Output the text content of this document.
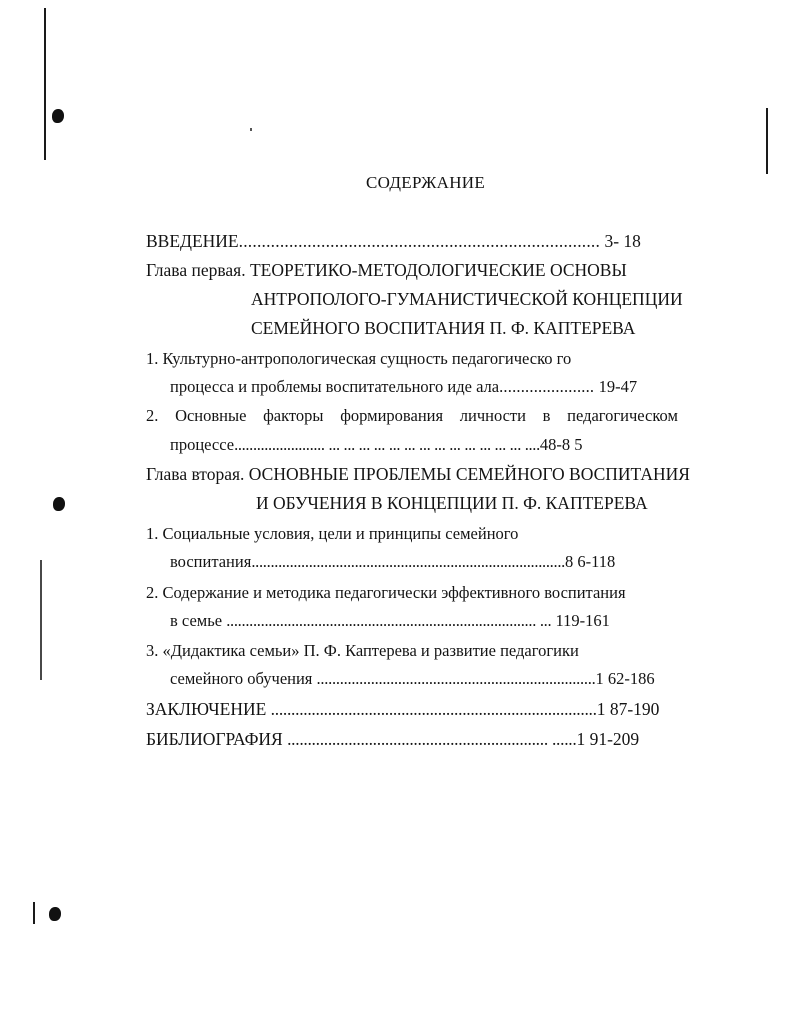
СОДЕРЖАНИЕ
ВВЕДЕНИЕ............................................................................... 3- 18
Глава первая. ТЕОРЕТИКО-МЕТОДОЛОГИЧЕСКИЕ ОСНОВЫ
АНТРОПОЛОГО-ГУМАНИСТИЧЕСКОЙ КОНЦЕПЦИИ
СЕМЕЙНОГО ВОСПИТАНИЯ П. Ф. КАПТЕРЕВА
1. Культурно-антропологическая сущность педагогическо го
процесса и проблемы воспитательного иде ала...................... 19-47
2. Основные факторы формирования личности в педагогическом
процессе........................ ... ... ... ... ... ... ... ... ... ... ... ... ... ....48-8 5
Глава вторая. ОСНОВНЫЕ ПРОБЛЕМЫ СЕМЕЙНОГО ВОСПИТАНИЯ
И ОБУЧЕНИЯ В КОНЦЕПЦИИ П. Ф. КАПТЕРЕВА
1. Социальные условия, цели и принципы семейного
воспитания..................................................................................8 6-118
2. Содержание и методика педагогически эффективного воспитания
в семье ................................................................................. ... 119-161
3. «Дидактика семьи» П. Ф. Каптерева и развитие педагогики
семейного обучения ........................................................................1 62-186
ЗАКЛЮЧЕНИЕ ................................................................................1 87-190
БИБЛИОГРАФИЯ ................................................................ ......1 91-209
